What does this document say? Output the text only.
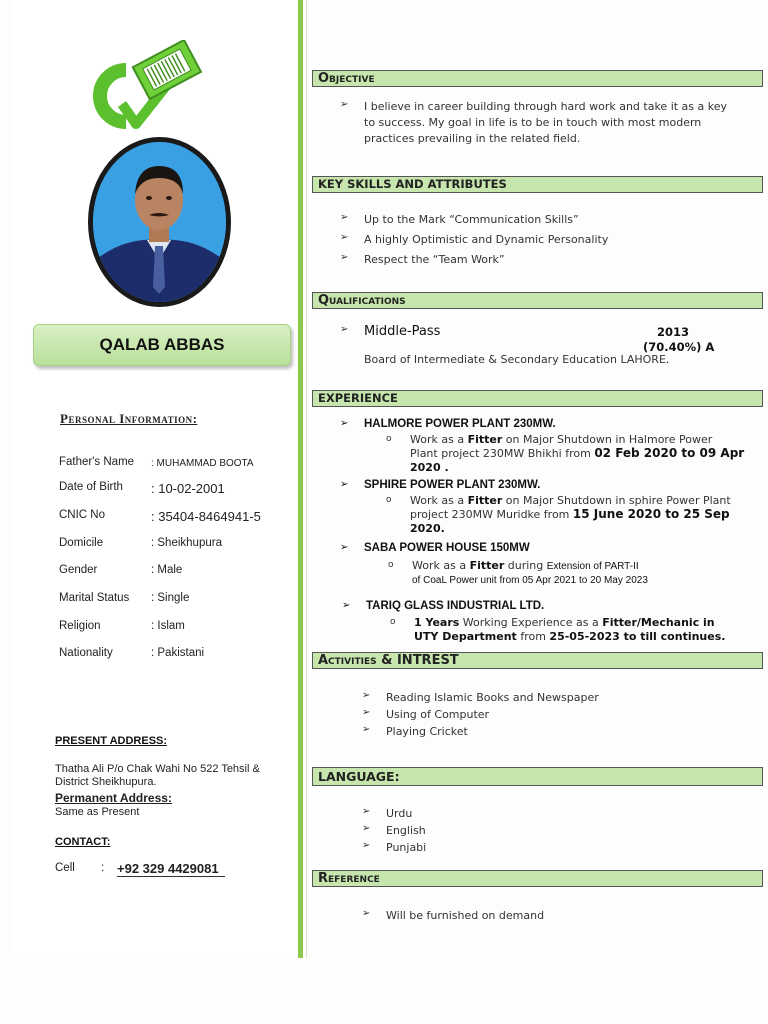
QALAB ABBAS
Personal Information:
Father's Name : MUHAMMAD BOOTA
Date of Birth : 10-02-2001
CNIC No	: 35404-8464941-5
Domicile	: Sheikhupura
Gender	: Male
Marital Status : Single
Religion	: Islam
Nationality	: Pakistani
PRESENT ADDRESS:
Thatha Ali P/o Chak Wahi No 522 Tehsil &
District Sheikhupura.
Permanent Address:
Same as Present
CONTACT:
Cell : +92 329 4429081
Objective
➢ I believe in career building through hard work and take it as a key
to success. My goal in life is to be in touch with most modern
practices prevailing in the related field.
KEY SKILLS AND ATTRIBUTES
➢ Up to the Mark “Communication Skills”
➢ A highly Optimistic and Dynamic Personality
➢ Respect the “Team Work”
Qualifications
➢ Middle-Pass	2013
(70.40%) A
Board of Intermediate & Secondary Education LAHORE.
EXPERIENCE
➢ HALMORE POWER PLANT 230MW.
o Work as a Fitter on Major Shutdown in Halmore Power
Plant project 230MW Bhikhi from 02 Feb 2020 to 09 Apr
2020 .
➢ SPHIRE POWER PLANT 230MW.
o Work as a Fitter on Major Shutdown in sphire Power Plant
project 230MW Muridke from 15 June 2020 to 25 Sep
2020.
➢ SABA POWER HOUSE 150MW
o Work as a Fitter during Extension of PART-II
of CoaL Power unit from 05 Apr 2021 to 20 May 2023
➢ TARIQ GLASS INDUSTRIAL LTD.
o 1 Years Working Experience as a Fitter/Mechanic in
UTY Department from 25-05-2023 to till continues.
Activities & INTREST
➢ Reading Islamic Books and Newspaper
➢ Using of Computer
➢ Playing Cricket
LANGUAGE:
➢ Urdu
➢ English
➢ Punjabi
Reference
➢ Will be furnished on demand
